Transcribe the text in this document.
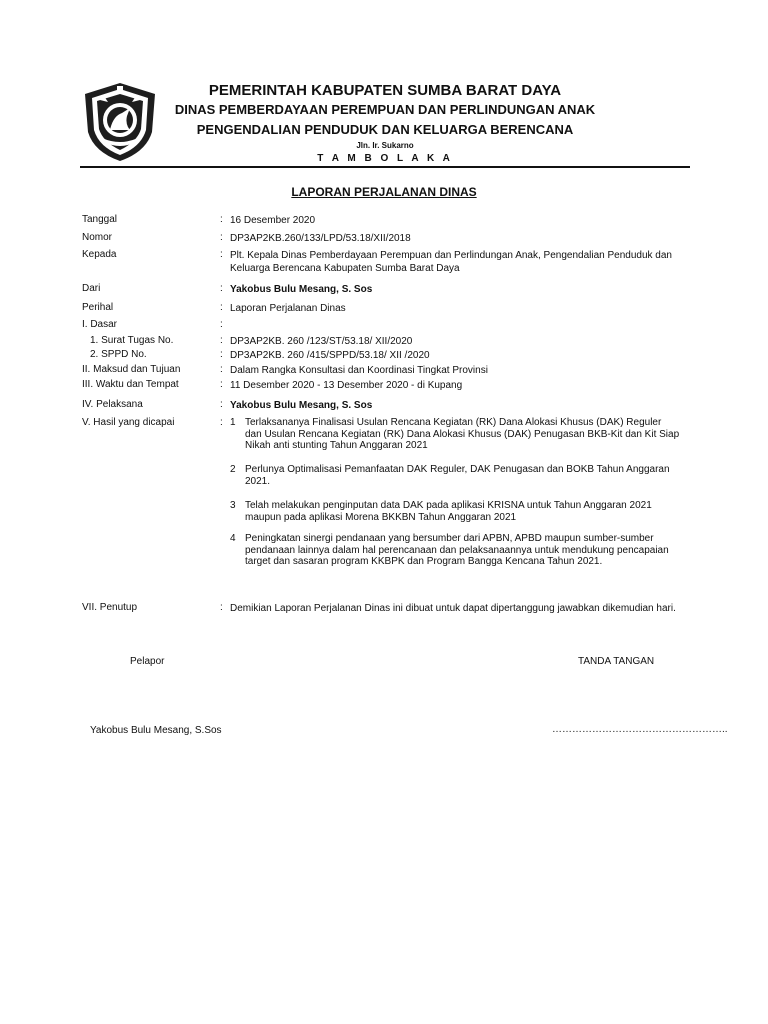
PEMERINTAH KABUPATEN SUMBA BARAT DAYA
DINAS PEMBERDAYAAN PEREMPUAN DAN PERLINDUNGAN ANAK
PENGENDALIAN PENDUDUK DAN KELUARGA BERENCANA
Jln. Ir. Sukarno
T A M B O L A K A
LAPORAN PERJALANAN DINAS
Tanggal	: 16 Desember 2020
Nomor	: DP3AP2KB.260/133/LPD/53.18/XII/2018
Kepada	: Plt. Kepala Dinas Pemberdayaan Perempuan dan Perlindungan Anak, Pengendalian Penduduk dan Keluarga Berencana Kabupaten Sumba Barat Daya
Dari	: Yakobus Bulu Mesang, S. Sos
Perihal	: Laporan Perjalanan Dinas
I. Dasar	:
1. Surat Tugas No.	: DP3AP2KB. 260 /123/ST/53.18/ XII/2020
2. SPPD No.	: DP3AP2KB. 260 /415/SPPD/53.18/ XII /2020
II. Maksud dan Tujuan	: Dalam Rangka Konsultasi dan Koordinasi Tingkat Provinsi
III. Waktu dan Tempat	: 11 Desember 2020 - 13 Desember 2020 - di Kupang
IV. Pelaksana	: Yakobus Bulu Mesang, S. Sos
V. Hasil yang dicapai	: 1 Terlaksananya Finalisasi Usulan Rencana Kegiatan (RK) Dana Alokasi Khusus (DAK) Reguler dan Usulan Rencana Kegiatan (RK) Dana Alokasi Khusus (DAK) Penugasan BKB-Kit dan Kit Siap Nikah anti stunting Tahun Anggaran 2021
2 Perlunya Optimalisasi Pemanfaatan DAK Reguler, DAK Penugasan dan BOKB Tahun Anggaran 2021.
3 Telah melakukan penginputan data DAK pada aplikasi KRISNA untuk Tahun Anggaran 2021 maupun pada aplikasi Morena BKKBN Tahun Anggaran 2021
4 Peningkatan sinergi pendanaan yang bersumber dari APBN, APBD maupun sumber-sumber pendanaan lainnya dalam hal perencanaan dan pelaksanaannya untuk mendukung pencapaian target dan sasaran program KKBPK dan Program Bangga Kencana Tahun 2021.
VII. Penutup	: Demikian Laporan Perjalanan Dinas ini dibuat untuk dapat dipertanggung jawabkan dikemudian hari.
Pelapor	TANDA TANGAN
Yakobus Bulu Mesang, S.Sos	……………………………………………..
